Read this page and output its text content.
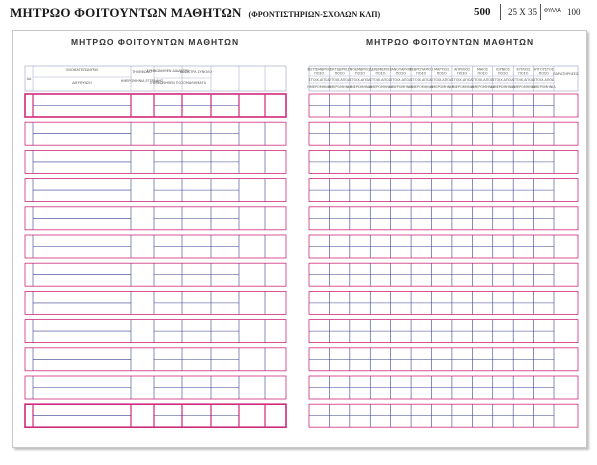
ΜΗΤΡΩΟ ΦΟΙΤΟΥΝΤΩΝ ΜΑΘΗΤΩΝ (ΦΡΟΝΤΙΣΤΗΡΙΩΝ-ΣΧΟΛΩΝ ΚΛΠ)	500 25 X 35 ΦΥΛΛΑ 100
ΜΗΤΡΩΟ ΦΟΙΤΟΥΝΤΩΝ ΜΑΘΗΤΩΝ	ΜΗΤΡΩΟ ΦΟΙΤΟΥΝΤΩΝ ΜΑΘΗΤΩΝ
ΑΑ
ΟΝΟΜΑΤΕΠΩΝΥΜΟ
ΔΙΕΥΘΥΝΣΗ
ΤΗΛΕΦΩΝΟ
ΗΜΕΡΟΜΗΝΙΑ ΕΓΓΡΑΦΗΣ
ΣΥΜΦΩΝΗΘΕΝ ΔΙΔΑΚΤΡΟ
ΣΥΜΦΩΝΗΘΕΝ ΠΟΣΟ
ΔΙΔΑΚΤΡΑ ΣΥΝΟΛΟ
ΜΑΘΗΜΑΤΑ
ΣΕΠΤΕΜΒΡΙΟΣ
ΠΟΣΟ
ΣΤΟΙΧ.ΑΠΟΔ
ΗΜΕΡΟΜΗΝΙΑ
ΟΚΤΩΒΡΙΟΣ
ΠΟΣΟ
ΣΤΟΙΧ.ΑΠΟΔ
ΗΜΕΡΟΜΗΝΙΑ
ΝΟΕΜΒΡΙΟΣ
ΠΟΣΟ
ΣΤΟΙΧ.ΑΠΟΔ
ΗΜΕΡΟΜΗΝΙΑ
ΔΕΚΕΜΒΡΙΟΣ
ΠΟΣΟ
ΣΤΟΙΧ.ΑΠΟΔ
ΗΜΕΡΟΜΗΝΙΑ
ΙΑΝΟΥΑΡΙΟΣ
ΠΟΣΟ
ΣΤΟΙΧ.ΑΠΟΔ
ΗΜΕΡΟΜΗΝΙΑ
ΦΕΒΡΟΥΑΡΙΟΣ
ΠΟΣΟ
ΣΤΟΙΧ.ΑΠΟΔ
ΗΜΕΡΟΜΗΝΙΑ
ΜΑΡΤΙΟΣ
ΠΟΣΟ
ΣΤΟΙΧ.ΑΠΟΔ
ΗΜΕΡΟΜΗΝΙΑ
ΑΠΡΙΛΙΟΣ
ΠΟΣΟ
ΣΤΟΙΧ.ΑΠΟΔ
ΗΜΕΡΟΜΗΝΙΑ
ΜΑΙΟΣ
ΠΟΣΟ
ΣΤΟΙΧ.ΑΠΟΔ
ΗΜΕΡΟΜΗΝΙΑ
ΙΟΥΝΙΟΣ
ΠΟΣΟ
ΣΤΟΙΧ.ΑΠΟΔ
ΗΜΕΡΟΜΗΝΙΑ
ΙΟΥΛΙΟΣ
ΠΟΣΟ
ΣΤΟΙΧ.ΑΠΟΔ
ΗΜΕΡΟΜΗΝΙΑ
ΑΥΓΟΥΣΤΟΣ
ΠΟΣΟ
ΣΤΟΙΧ.ΑΠΟΔ
ΗΜΕΡΟΜΗΝΙΑ
ΠΑΡΑΤΗΡΗΣΕΙΣ
